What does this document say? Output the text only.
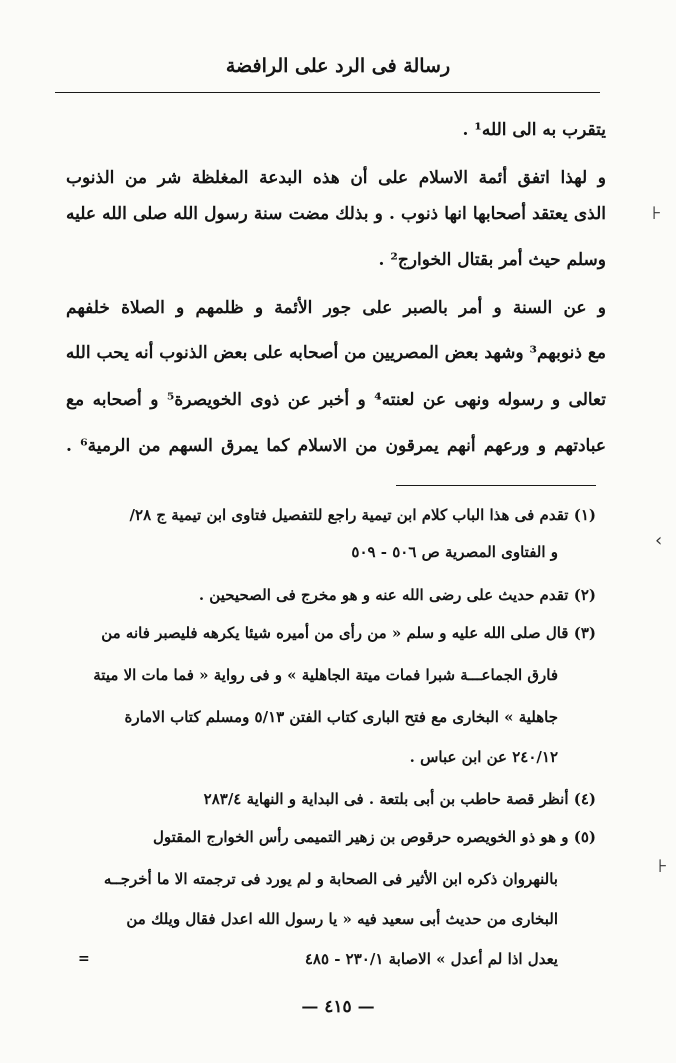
رسالة فى الرد على الرافضة
يتقرب به الى الله¹ .
و لهذا اتفق أئمة الاسلام على أن هذه البدعة المغلظة شر من الذنوب
الذى يعتقد أصحابها انها ذنوب . و بذلك مضت سنة رسول الله صلى الله عليه
وسلم حيث أمر بقتال الخوارج² .
و عن السنة و أمر بالصبر على جور الأئمة و ظلمهم و الصلاة خلفهم
مع ذنوبهم³ وشهد بعض المصريين من أصحابه على بعض الذنوب أنه يحب الله
تعالى و رسوله ونهى عن لعنته⁴ و أخبر عن ذوى الخويصرة⁵ و أصحابه مع
عبادتهم و ورعهم أنهم يمرقون من الاسلام كما يمرق السهم من الرمية⁶ .
(١) تقدم فى هذا الباب كلام ابن تيمية راجع للتفصيل فتاوى ابن تيمية ج ٢٨/
و الفتاوى المصرية ص ٥٠٦ - ٥٠٩
(٢) تقدم حديث على رضى الله عنه و هو مخرج فى الصحيحين .
(٣) قال صلى الله عليه و سلم « من رأى من أميره شيئا يكرهه فليصبر فانه من
فارق الجماعـــة شبرا فمات ميتة الجاهلية » و فى رواية « فما مات الا ميتة
جاهلية » البخارى مع فتح البارى كتاب الفتن ٥/١٣ ومسلم كتاب الامارة
٢٤٠/١٢ عن ابن عباس .
(٤) أنظر قصة حاطب بن أبى بلتعة . فى البداية و النهاية ٢٨٣/٤
(٥) و هو ذو الخويصره حرقوص بن زهير التميمى رأس الخوارج المقتول
بالنهروان ذكره ابن الأثير فى الصحابة و لم يورد فى ترجمته الا ما أخرجــه
البخارى من حديث أبى سعيد فيه « يا رسول الله اعدل فقال ويلك من
يعدل اذا لم أعدل » الاصابة ٢٣٠/١ - ٤٨٥
=
— ٤١٥ —
⊦
›
⊦
